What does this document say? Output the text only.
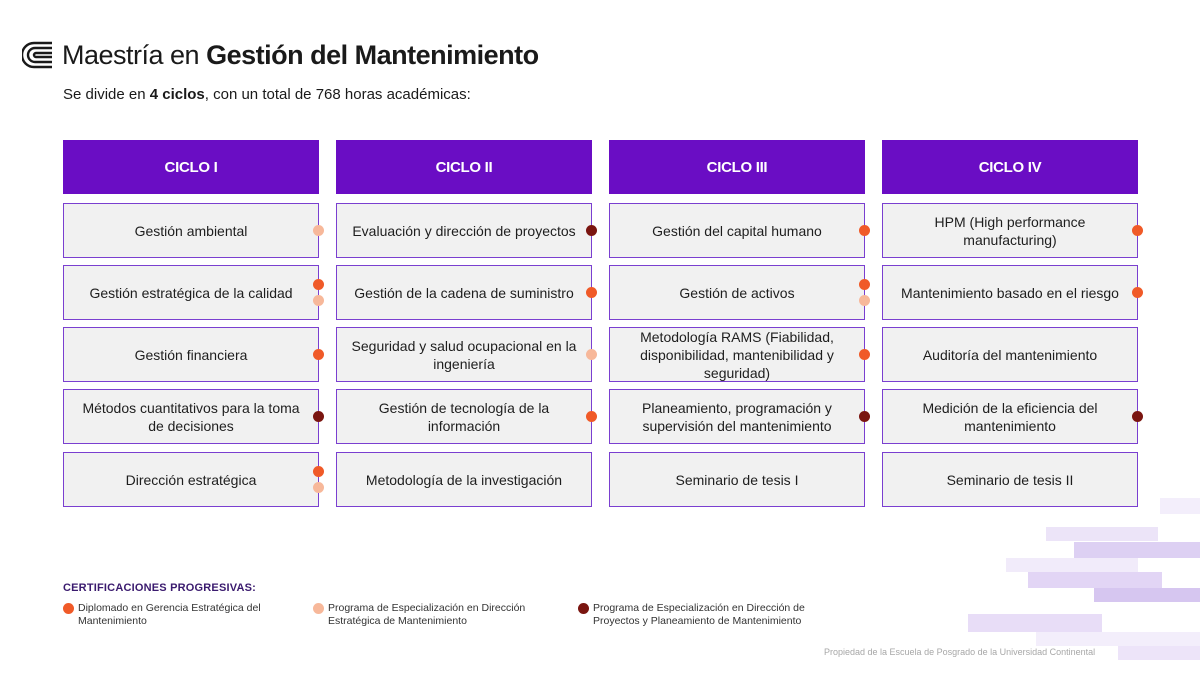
Maestría en Gestión del Mantenimiento
Se divide en 4 ciclos, con un total de 768 horas académicas:
CICLO I
Gestión ambiental
Gestión estratégica de la calidad
Gestión financiera
Métodos cuantitativos para la toma de decisiones
Dirección estratégica
CICLO II
Evaluación y dirección de proyectos
Gestión de la cadena de suministro
Seguridad y salud ocupacional en la ingeniería
Gestión de tecnología de la información
Metodología de la investigación
CICLO III
Gestión del capital humano
Gestión de activos
Metodología RAMS (Fiabilidad, disponibilidad, mantenibilidad y seguridad)
Planeamiento, programación y supervisión del mantenimiento
Seminario de tesis I
CICLO IV
HPM (High performance manufacturing)
Mantenimiento basado en el riesgo
Auditoría del mantenimiento
Medición de la eficiencia del mantenimiento
Seminario de tesis II
CERTIFICACIONES PROGRESIVAS:
Diplomado en Gerencia Estratégica del Mantenimiento
Programa de Especialización en Dirección Estratégica de Mantenimiento
Programa de Especialización en Dirección de Proyectos y Planeamiento de Mantenimiento
Propiedad de la Escuela de Posgrado de la Universidad Continental
